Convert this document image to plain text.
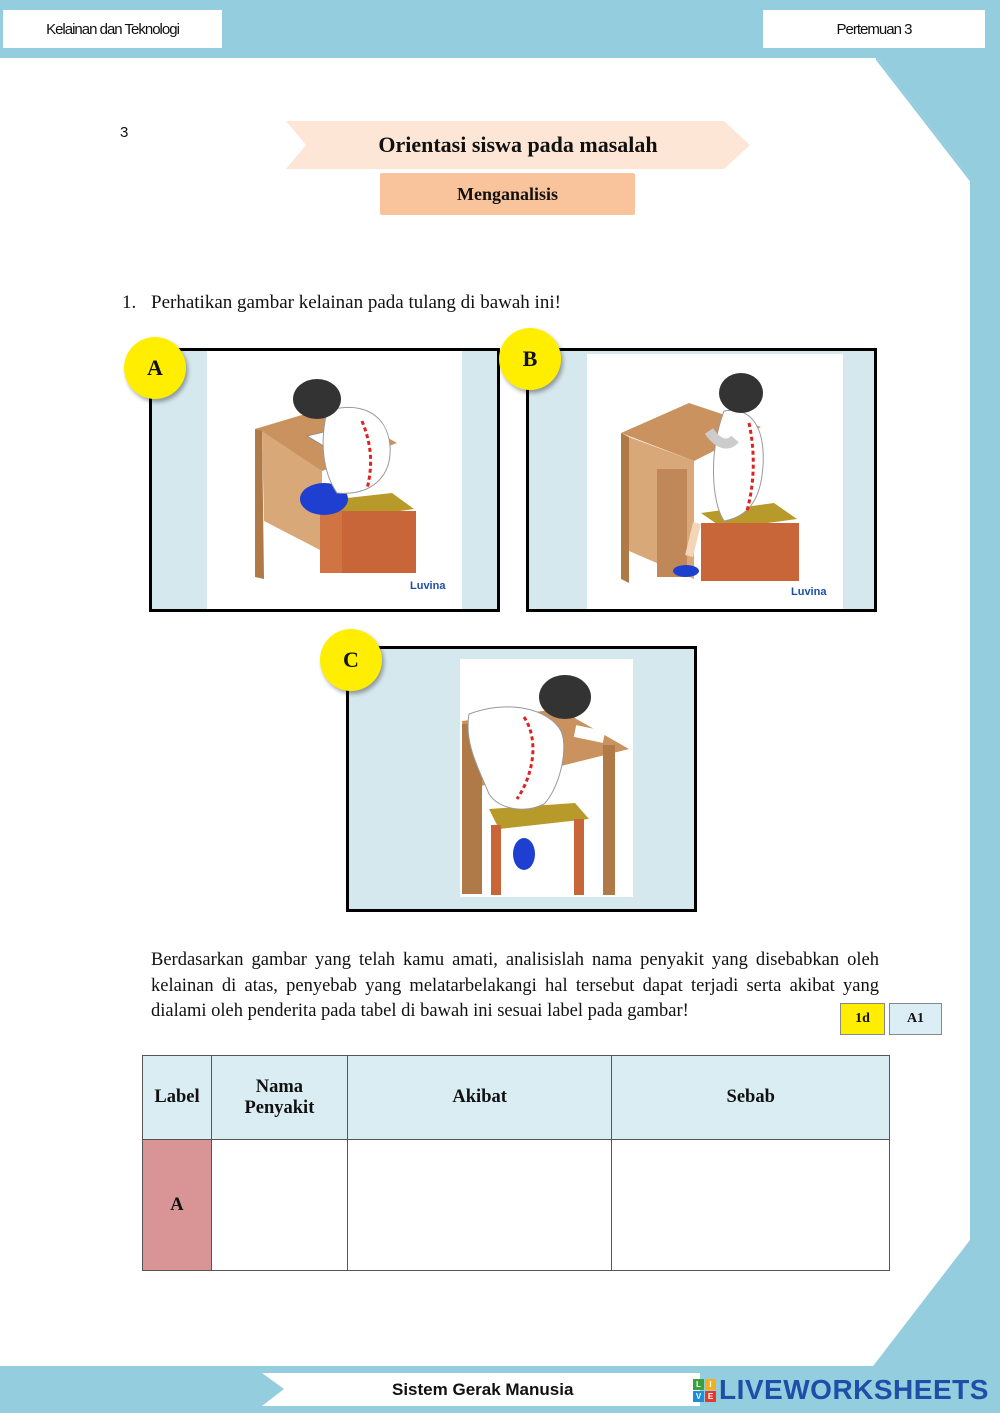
Kelainan dan Teknologi	Pertemuan 3
3	Orientasi siswa pada masalah
Menganalisis
1. Perhatikan gambar kelainan pada tulang di bawah ini!
Luvina	Luvina
A	B
C
Berdasarkan gambar yang telah kamu amati, analisislah nama penyakit yang disebabkan oleh kelainan di atas, penyebab yang melatarbelakangi hal tersebut dapat terjadi serta akibat yang dialami oleh penderita pada tabel di bawah ini sesuai label pada gambar!	1d	A1
Label	Nama Penyakit	Akibat	Sebab
A			
Sistem Gerak Manusia	L	I
V E LIVEWORKSHEETS
